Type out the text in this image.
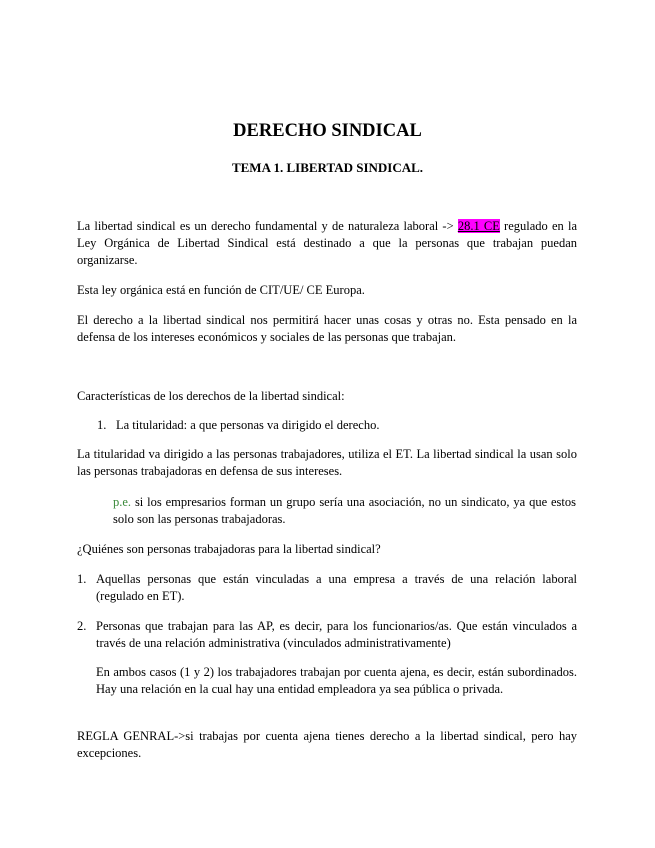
DERECHO SINDICAL
TEMA 1. LIBERTAD SINDICAL.
La libertad sindical es un derecho fundamental y de naturaleza laboral -> 28.1 CE regulado en la Ley Orgánica de Libertad Sindical está destinado a que la personas que trabajan puedan organizarse.
Esta ley orgánica está en función de CIT/UE/ CE Europa.
El derecho a la libertad sindical nos permitirá hacer unas cosas y otras no. Esta pensado en la defensa de los intereses económicos y sociales de las personas que trabajan.
Características de los derechos de la libertad sindical:
1. La titularidad: a que personas va dirigido el derecho.
La titularidad va dirigido a las personas trabajadores, utiliza el ET. La libertad sindical la usan solo las personas trabajadoras en defensa de sus intereses.
p.e. si los empresarios forman un grupo sería una asociación, no un sindicato, ya que estos solo son las personas trabajadoras.
¿Quiénes son personas trabajadoras para la libertad sindical?
1. Aquellas personas que están vinculadas a una empresa a través de una relación laboral (regulado en ET).
2. Personas que trabajan para las AP, es decir, para los funcionarios/as. Que están vinculados a través de una relación administrativa (vinculados administrativamente)
En ambos casos (1 y 2) los trabajadores trabajan por cuenta ajena, es decir, están subordinados. Hay una relación en la cual hay una entidad empleadora ya sea pública o privada.
REGLA GENRAL->si trabajas por cuenta ajena tienes derecho a la libertad sindical, pero hay excepciones.
